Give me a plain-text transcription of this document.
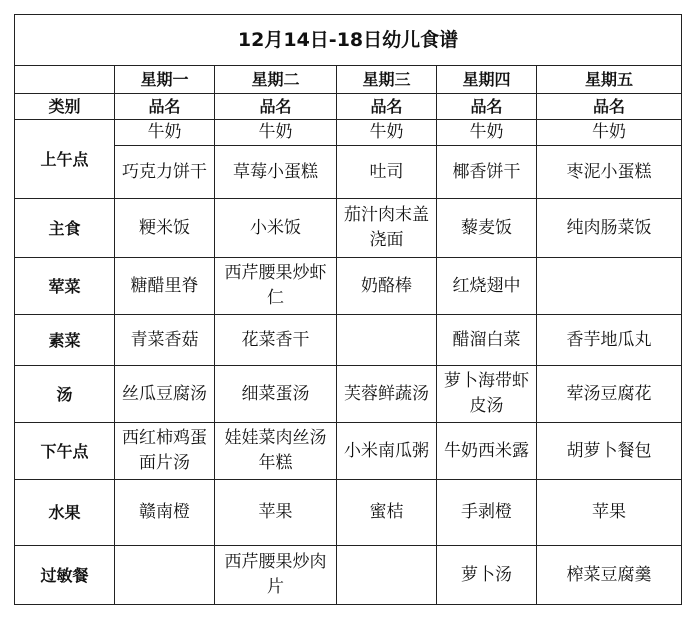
12月14日-18日幼儿食谱					
	星期一	星期二	星期三	星期四	星期五
类别	品名	品名	品名	品名	品名
上午点	牛奶	牛奶	牛奶	牛奶	牛奶
	巧克力饼干	草莓小蛋糕	吐司	椰香饼干	枣泥小蛋糕
主食	粳米饭	小米饭	茄汁肉末盖浇面	藜麦饭	纯肉肠菜饭
荤菜	糖醋里脊	西芹腰果炒虾仁	奶酪棒	红烧翅中	
素菜	青菜香菇	花菜香干		醋溜白菜	香芋地瓜丸
汤	丝瓜豆腐汤	细菜蛋汤	芙蓉鲜蔬汤	萝卜海带虾皮汤	荤汤豆腐花
下午点	西红柿鸡蛋面片汤	娃娃菜肉丝汤年糕	小米南瓜粥	牛奶西米露	胡萝卜餐包
水果	赣南橙	苹果	蜜桔	手剥橙	苹果
过敏餐		西芹腰果炒肉片		萝卜汤	榨菜豆腐羹
